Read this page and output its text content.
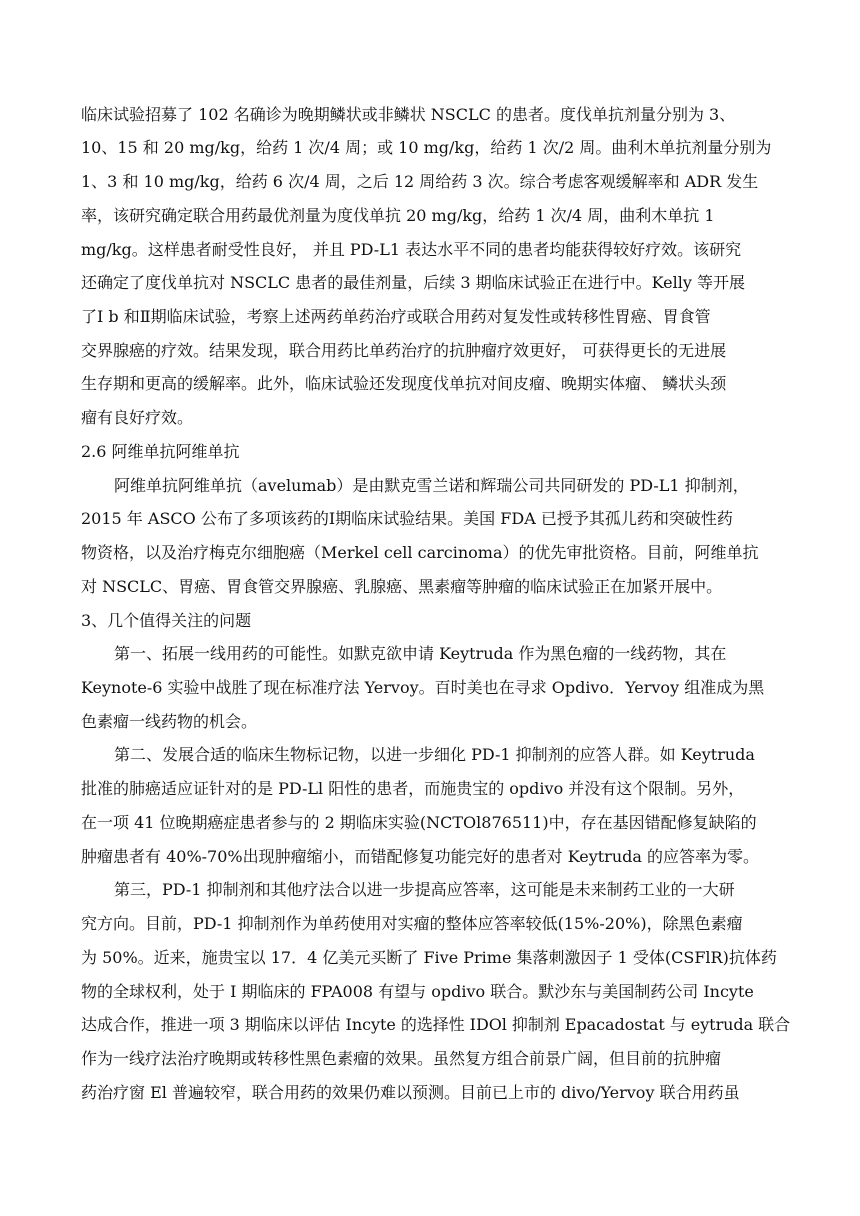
临床试验招募了 102 名确诊为晚期鳞状或非鳞状 NSCLC 的患者。度伐单抗剂量分别为 3、
10、15 和 20 mg/kg，给药 1 次/4 周；或 10 mg/kg，给药 1 次/2 周。曲利木单抗剂量分别为
1、3 和 10 mg/kg，给药 6 次/4 周，之后 12 周给药 3 次。综合考虑客观缓解率和 ADR 发生
率，该研究确定联合用药最优剂量为度伐单抗 20 mg/kg，给药 1 次/4 周，曲利木单抗 1
mg/kg。这样患者耐受性良好， 并且 PD-L1 表达水平不同的患者均能获得较好疗效。该研究
还确定了度伐单抗对 NSCLC 患者的最佳剂量，后续 3 期临床试验正在进行中。Kelly 等开展
了Ⅰ b 和Ⅱ期临床试验，考察上述两药单药治疗或联合用药对复发性或转移性胃癌、胃食管
交界腺癌的疗效。结果发现，联合用药比单药治疗的抗肿瘤疗效更好， 可获得更长的无进展
生存期和更高的缓解率。此外，临床试验还发现度伐单抗对间皮瘤、晚期实体瘤、 鳞状头颈
瘤有良好疗效。
2.6 阿维单抗阿维单抗
阿维单抗阿维单抗（avelumab）是由默克雪兰诺和辉瑞公司共同研发的 PD-L1 抑制剂，
2015 年 ASCO 公布了多项该药的Ⅰ期临床试验结果。美国 FDA 已授予其孤儿药和突破性药
物资格，以及治疗梅克尔细胞癌（Merkel cell carcinoma）的优先审批资格。目前，阿维单抗
对 NSCLC、胃癌、胃食管交界腺癌、乳腺癌、黑素瘤等肿瘤的临床试验正在加紧开展中。
3、几个值得关注的问题
第一、拓展一线用药的可能性。如默克欲申请 Keytruda 作为黑色瘤的一线药物，其在
Keynote-6 实验中战胜了现在标准疗法 Yervoy。百时美也在寻求 Opdivo．Yervoy 组准成为黑
色素瘤一线药物的机会。
第二、发展合适的临床生物标记物，以进一步细化 PD-1 抑制剂的应答人群。如 Keytruda
批准的肺癌适应证针对的是 PD-Ll 阳性的患者，而施贵宝的 opdivo 并没有这个限制。另外，
在一项 41 位晚期癌症患者参与的 2 期临床实验(NCTOl876511)中，存在基因错配修复缺陷的
肿瘤患者有 40%-70%出现肿瘤缩小，而错配修复功能完好的患者对 Keytruda 的应答率为零。
第三，PD-1 抑制剂和其他疗法合以进一步提高应答率，这可能是未来制药工业的一大研
究方向。目前，PD-1 抑制剂作为单药使用对实瘤的整体应答率较低(15%-20%)，除黑色素瘤
为 50%。近来，施贵宝以 17．4 亿美元买断了 Five Prime 集落刺激因子 1 受体(CSFlR)抗体药
物的全球权利，处于 I 期临床的 FPA008 有望与 opdivo 联合。默沙东与美国制药公司 Incyte
达成合作，推进一项 3 期临床以评估 Incyte 的选择性 IDOl 抑制剂 Epacadostat 与 eytruda 联合
作为一线疗法治疗晚期或转移性黑色素瘤的效果。虽然复方组合前景广阔，但目前的抗肿瘤
药治疗窗 El 普遍较窄，联合用药的效果仍难以预测。目前已上市的 divo/Yervoy 联合用药虽
